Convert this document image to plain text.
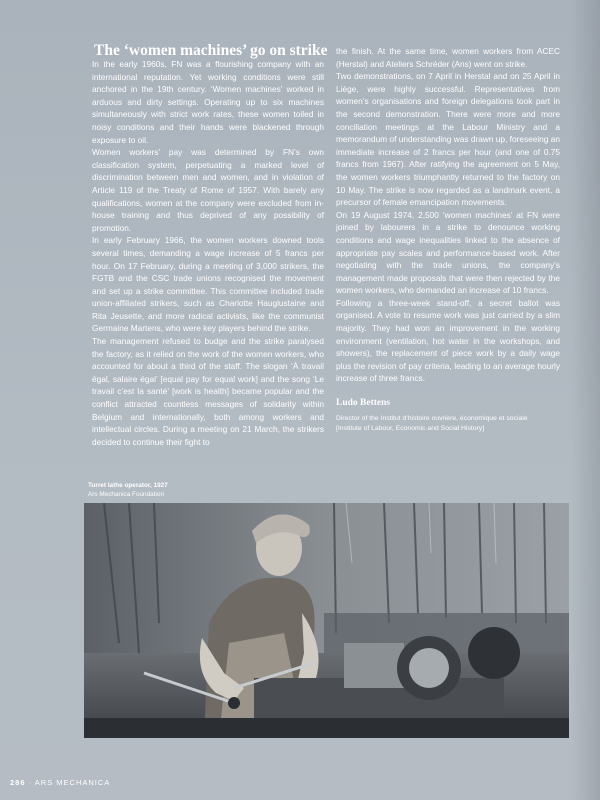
The ‘women machines’ go on strike

In the early 1960s, FN was a flourishing company with an international reputation. Yet working conditions were still anchored in the 19th century. ‘Women machines’ worked in arduous and dirty settings. Operating up to six machines simultaneously with strict work rates, these women toiled in noisy conditions and their hands were blackened through exposure to oil.

Women workers’ pay was determined by FN’s own classification system, perpetuating a marked level of discrimination between men and women, and in violation of Article 119 of the Treaty of Rome of 1957. With barely any qualifications, women at the company were excluded from in-house training and thus deprived of any possibility of promotion.

In early February 1966, the women workers downed tools several times, demanding a wage increase of 5 francs per hour. On 17 February, during a meeting of 3,000 strikers, the FGTB and the CSC trade unions recognised the movement and set up a strike committee. This committee included trade union-affiliated strikers, such as Charlotte Hauglustaine and Rita Jeusette, and more radical activists, like the communist Germaine Martens, who were key players behind the strike.

The management refused to budge and the strike paralysed the factory, as it relied on the work of the women workers, who accounted for about a third of the staff. The slogan ‘À travail égal, salaire égal’ [equal pay for equal work] and the song ‘Le travail c’est la santé’ [work is health] became popular and the conflict attracted countless messages of solidarity within Belgium and internationally, both among workers and intellectual circles. During a meeting on 21 March, the strikers decided to continue their fight to

the finish. At the same time, women workers from ACEC (Herstal) and Ateliers Schréder (Ans) went on strike.

Two demonstrations, on 7 April in Herstal and on 25 April in Liège, were highly successful. Representatives from women’s organisations and foreign delegations took part in the second demonstration. There were more and more conciliation meetings at the Labour Ministry and a memorandum of understanding was drawn up, foreseeing an immediate increase of 2 francs per hour (and one of 0.75 francs from 1967). After ratifying the agreement on 5 May, the women workers triumphantly returned to the factory on 10 May. The strike is now regarded as a landmark event, a precursor of female emancipation movements.

On 19 August 1974, 2,500 ‘women machines’ at FN were joined by labourers in a strike to denounce working conditions and wage inequalities linked to the absence of appropriate pay scales and performance-based work. After negotiating with the trade unions, the company’s management made proposals that were then rejected by the women workers, who demanded an increase of 10 francs.

Following a three-week stand-off, a secret ballot was organised. A vote to resume work was just carried by a slim majority. They had won an improvement in the working environment (ventilation, hot water in the workshops, and showers), the replacement of piece work by a daily wage plus the revision of pay criteria, leading to an average hourly increase of three francs.

Ludo Bettens

Director of the Institut d’histoire ouvrière, économique et sociale
[Institute of Labour, Economic and Social History]

Turret lathe operator, 1927
Ars Mechanica Foundation
286 - ARS MECHANICA
